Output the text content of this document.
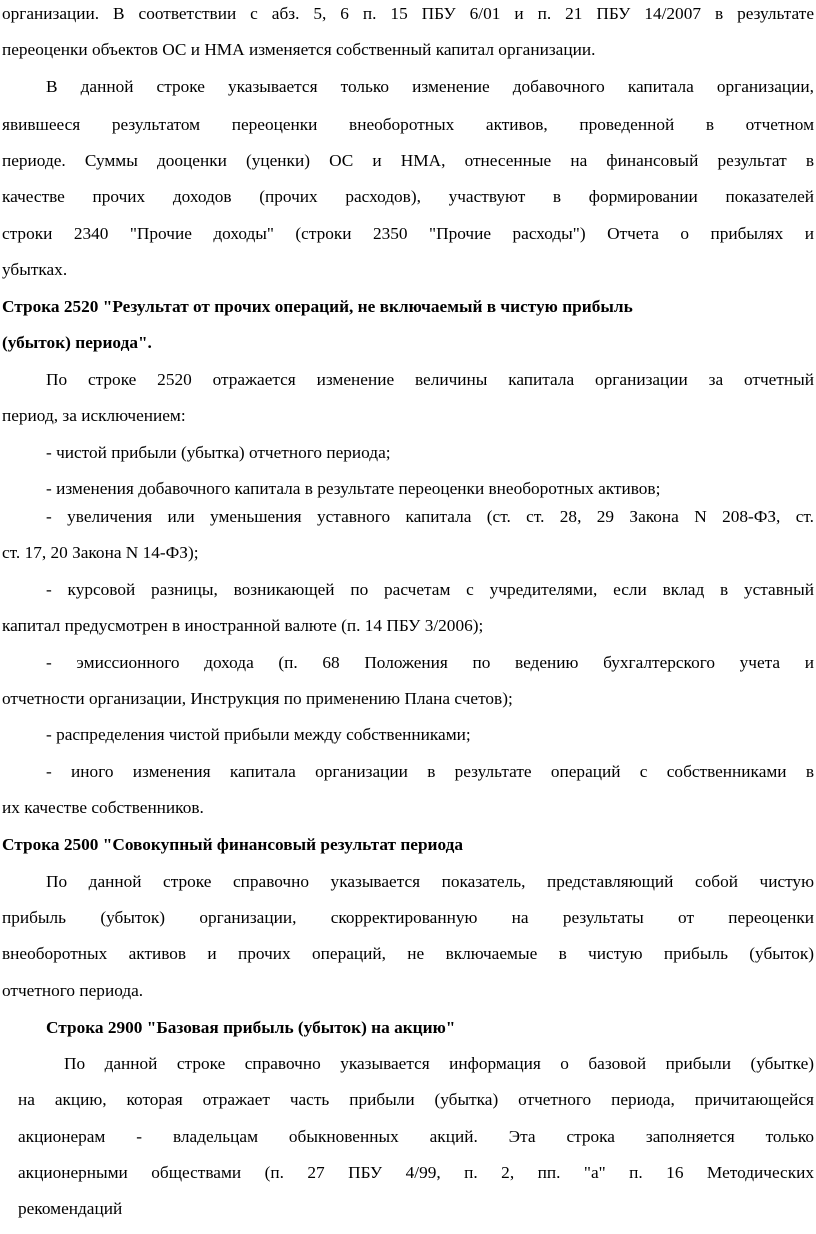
организации. В соответствии с абз. 5, 6 п. 15 ПБУ 6/01 и п. 21 ПБУ 14/2007 в результате
переоценки объектов ОС и НМА изменяется собственный капитал организации.
В данной строке указывается только изменение добавочного капитала организации,
явившееся результатом переоценки внеоборотных активов, проведенной в отчетном
периоде. Суммы дооценки (уценки) ОС и НМА, отнесенные на финансовый результат в
качестве прочих доходов (прочих расходов), участвуют в формировании показателей
строки 2340 "Прочие доходы" (строки 2350 "Прочие расходы") Отчета о прибылях и
убытках.
Строка 2520 "Результат от прочих операций, не включаемый в чистую прибыль
(убыток) периода".
По строке 2520 отражается изменение величины капитала организации за отчетный
период, за исключением:
- чистой прибыли (убытка) отчетного периода;
- изменения добавочного капитала в результате переоценки внеоборотных активов;
- увеличения или уменьшения уставного капитала (ст. ст. 28, 29 Закона N 208-ФЗ, ст.
ст. 17, 20 Закона N 14-ФЗ);
- курсовой разницы, возникающей по расчетам с учредителями, если вклад в уставный
капитал предусмотрен в иностранной валюте (п. 14 ПБУ 3/2006);
- эмиссионного дохода (п. 68 Положения по ведению бухгалтерского учета и
отчетности организации, Инструкция по применению Плана счетов);
- распределения чистой прибыли между собственниками;
- иного изменения капитала организации в результате операций с собственниками в
их качестве собственников.
Строка 2500 "Совокупный финансовый результат периода
По данной строке справочно указывается показатель, представляющий собой чистую
прибыль (убыток) организации, скорректированную на результаты от переоценки
внеоборотных активов и прочих операций, не включаемые в чистую прибыль (убыток)
отчетного периода.
Строка 2900 "Базовая прибыль (убыток) на акцию"
По данной строке справочно указывается информация о базовой прибыли (убытке)
на акцию, которая отражает часть прибыли (убытка) отчетного периода, причитающейся
акционерам - владельцам обыкновенных акций. Эта строка заполняется только
акционерными обществами (п. 27 ПБУ 4/99, п. 2, пп. "а" п. 16 Методических
рекомендаций
